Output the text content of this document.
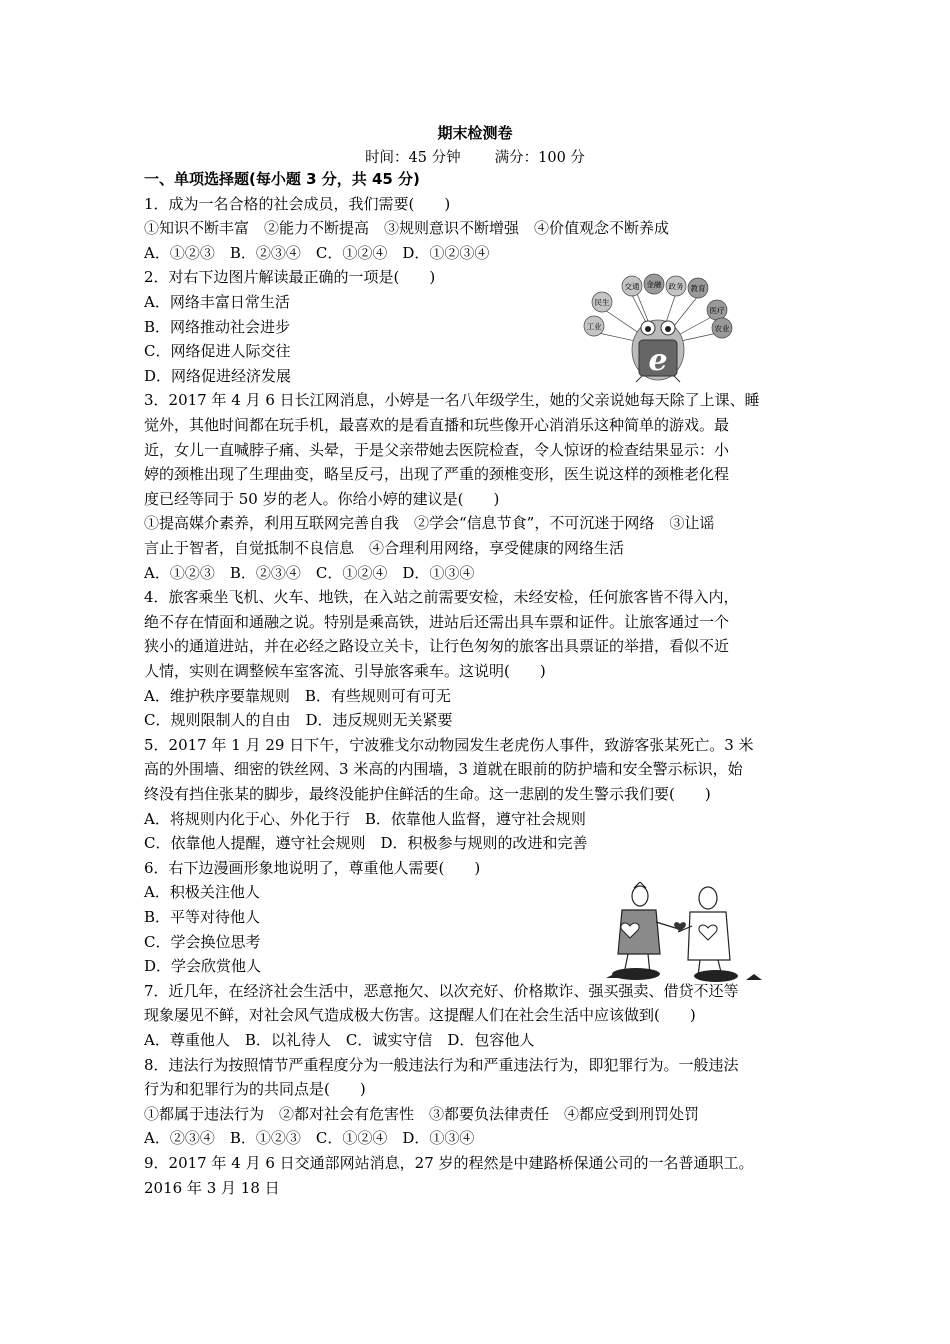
期末检测卷
时间：45 分钟 满分：100 分
一、单项选择题(每小题 3 分，共 45 分)
1．成为一名合格的社会成员，我们需要(　　)
①知识不断丰富　②能力不断提高　③规则意识不断增强　④价值观念不断养成
A．①②③　B．②③④　C．①②④　D．①②③④
2．对右下边图片解读最正确的一项是(　　)
A．网络丰富日常生活
B．网络推动社会进步
C．网络促进人际交往
D．网络促进经济发展
3．2017 年 4 月 6 日长江网消息，小婷是一名八年级学生，她的父亲说她每天除了上课、睡
觉外，其他时间都在玩手机，最喜欢的是看直播和玩些像开心消消乐这种简单的游戏。最
近，女儿一直喊脖子痛、头晕，于是父亲带她去医院检查，令人惊讶的检查结果显示：小
婷的颈椎出现了生理曲变，略呈反弓，出现了严重的颈椎变形，医生说这样的颈椎老化程
度已经等同于 50 岁的老人。你给小婷的建议是(　　)
①提高媒介素养，利用互联网完善自我　②学会“信息节食”，不可沉迷于网络　③让谣
言止于智者，自觉抵制不良信息　④合理利用网络，享受健康的网络生活
A．①②③　B．②③④　C．①②④　D．①③④
4．旅客乘坐飞机、火车、地铁，在入站之前需要安检，未经安检，任何旅客皆不得入内，
绝不存在情面和通融之说。特别是乘高铁，进站后还需出具车票和证件。让旅客通过一个
狭小的通道进站，并在必经之路设立关卡，让行色匆匆的旅客出具票证的举措，看似不近
人情，实则在调整候车室客流、引导旅客乘车。这说明(　　)
A．维护秩序要靠规则　B．有些规则可有可无
C．规则限制人的自由　D．违反规则无关紧要
5．2017 年 1 月 29 日下午，宁波雅戈尔动物园发生老虎伤人事件，致游客张某死亡。3 米
高的外围墙、细密的铁丝网、3 米高的内围墙，3 道就在眼前的防护墙和安全警示标识，始
终没有挡住张某的脚步，最终没能护住鲜活的生命。这一悲剧的发生警示我们要(　　)
A．将规则内化于心、外化于行　B．依靠他人监督，遵守社会规则
C．依靠他人提醒，遵守社会规则　D．积极参与规则的改进和完善
6．右下边漫画形象地说明了，尊重他人需要(　　)
A．积极关注他人
B．平等对待他人
C．学会换位思考
D．学会欣赏他人
7．近几年，在经济社会生活中，恶意拖欠、以次充好、价格欺诈、强买强卖、借贷不还等
现象屡见不鲜，对社会风气造成极大伤害。这提醒人们在社会生活中应该做到(　　)
A．尊重他人　B．以礼待人　C．诚实守信　D．包容他人
8．违法行为按照情节严重程度分为一般违法行为和严重违法行为，即犯罪行为。一般违法
行为和犯罪行为的共同点是(　　)
①都属于违法行为　②都对社会有危害性　③都要负法律责任　④都应受到刑罚处罚
A．②③④　B．①②③　C．①②④　D．①③④
9．2017 年 4 月 6 日交通部网站消息，27 岁的程然是中建路桥保通公司的一名普通职工。
2016 年 3 月 18 日
交通 金融 政务 教育
民生
医疗
工业	农业
e
